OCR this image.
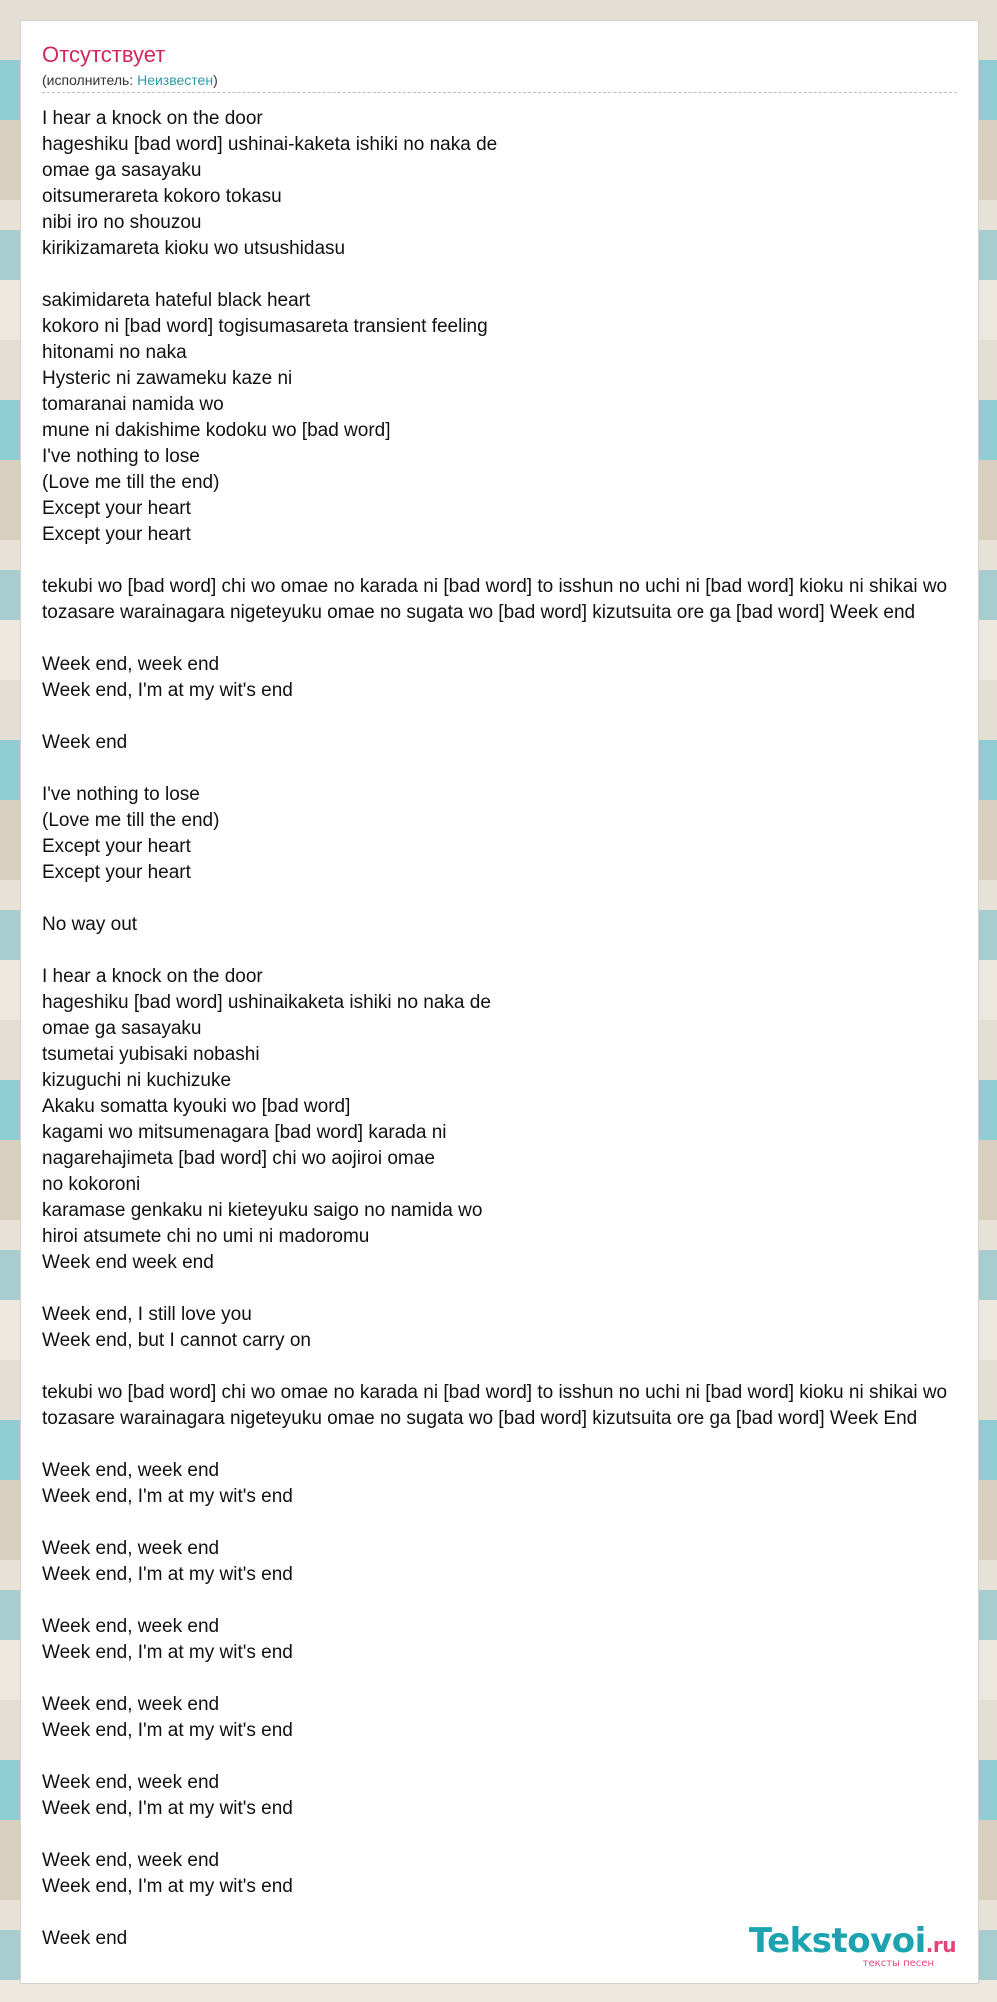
Отсутствует
(исполнитель: Неизвестен)
I hear a knock on the door
hageshiku [bad word] ushinai-kaketa ishiki no naka de
omae ga sasayaku
oitsumerareta kokoro tokasu
nibi iro no shouzou
kirikizamareta kioku wo utsushidasu
sakimidareta hateful black heart
kokoro ni [bad word] togisumasareta transient feeling
hitonami no naka
Hysteric ni zawameku kaze ni
tomaranai namida wo
mune ni dakishime kodoku wo [bad word]
I've nothing to lose
(Love me till the end)
Except your heart
Except your heart
tekubi wo [bad word] chi wo omae no karada ni [bad word] to isshun no uchi ni [bad word] kioku ni shikai wo
tozasare warainagara nigeteyuku omae no sugata wo [bad word] kizutsuita ore ga [bad word] Week end
Week end, week end
Week end, I'm at my wit's end
Week end
I've nothing to lose
(Love me till the end)
Except your heart
Except your heart
No way out
I hear a knock on the door
hageshiku [bad word] ushinaikaketa ishiki no naka de
omae ga sasayaku
tsumetai yubisaki nobashi
kizuguchi ni kuchizuke
Akaku somatta kyouki wo [bad word]
kagami wo mitsumenagara [bad word] karada ni
nagarehajimeta [bad word] chi wo aojiroi omae
no kokoroni
karamase genkaku ni kieteyuku saigo no namida wo
hiroi atsumete chi no umi ni madoromu
Week end week end
Week end, I still love you
Week end, but I cannot carry on
tekubi wo [bad word] chi wo omae no karada ni [bad word] to isshun no uchi ni [bad word] kioku ni shikai wo
tozasare warainagara nigeteyuku omae no sugata wo [bad word] kizutsuita ore ga [bad word] Week End
Week end, week end
Week end, I'm at my wit's end
Week end, week end
Week end, I'm at my wit's end
Week end, week end
Week end, I'm at my wit's end
Week end, week end
Week end, I'm at my wit's end
Week end, week end
Week end, I'm at my wit's end
Week end, week end
Week end, I'm at my wit's end
Week end	Tekstovoi.ru
тексты песен
